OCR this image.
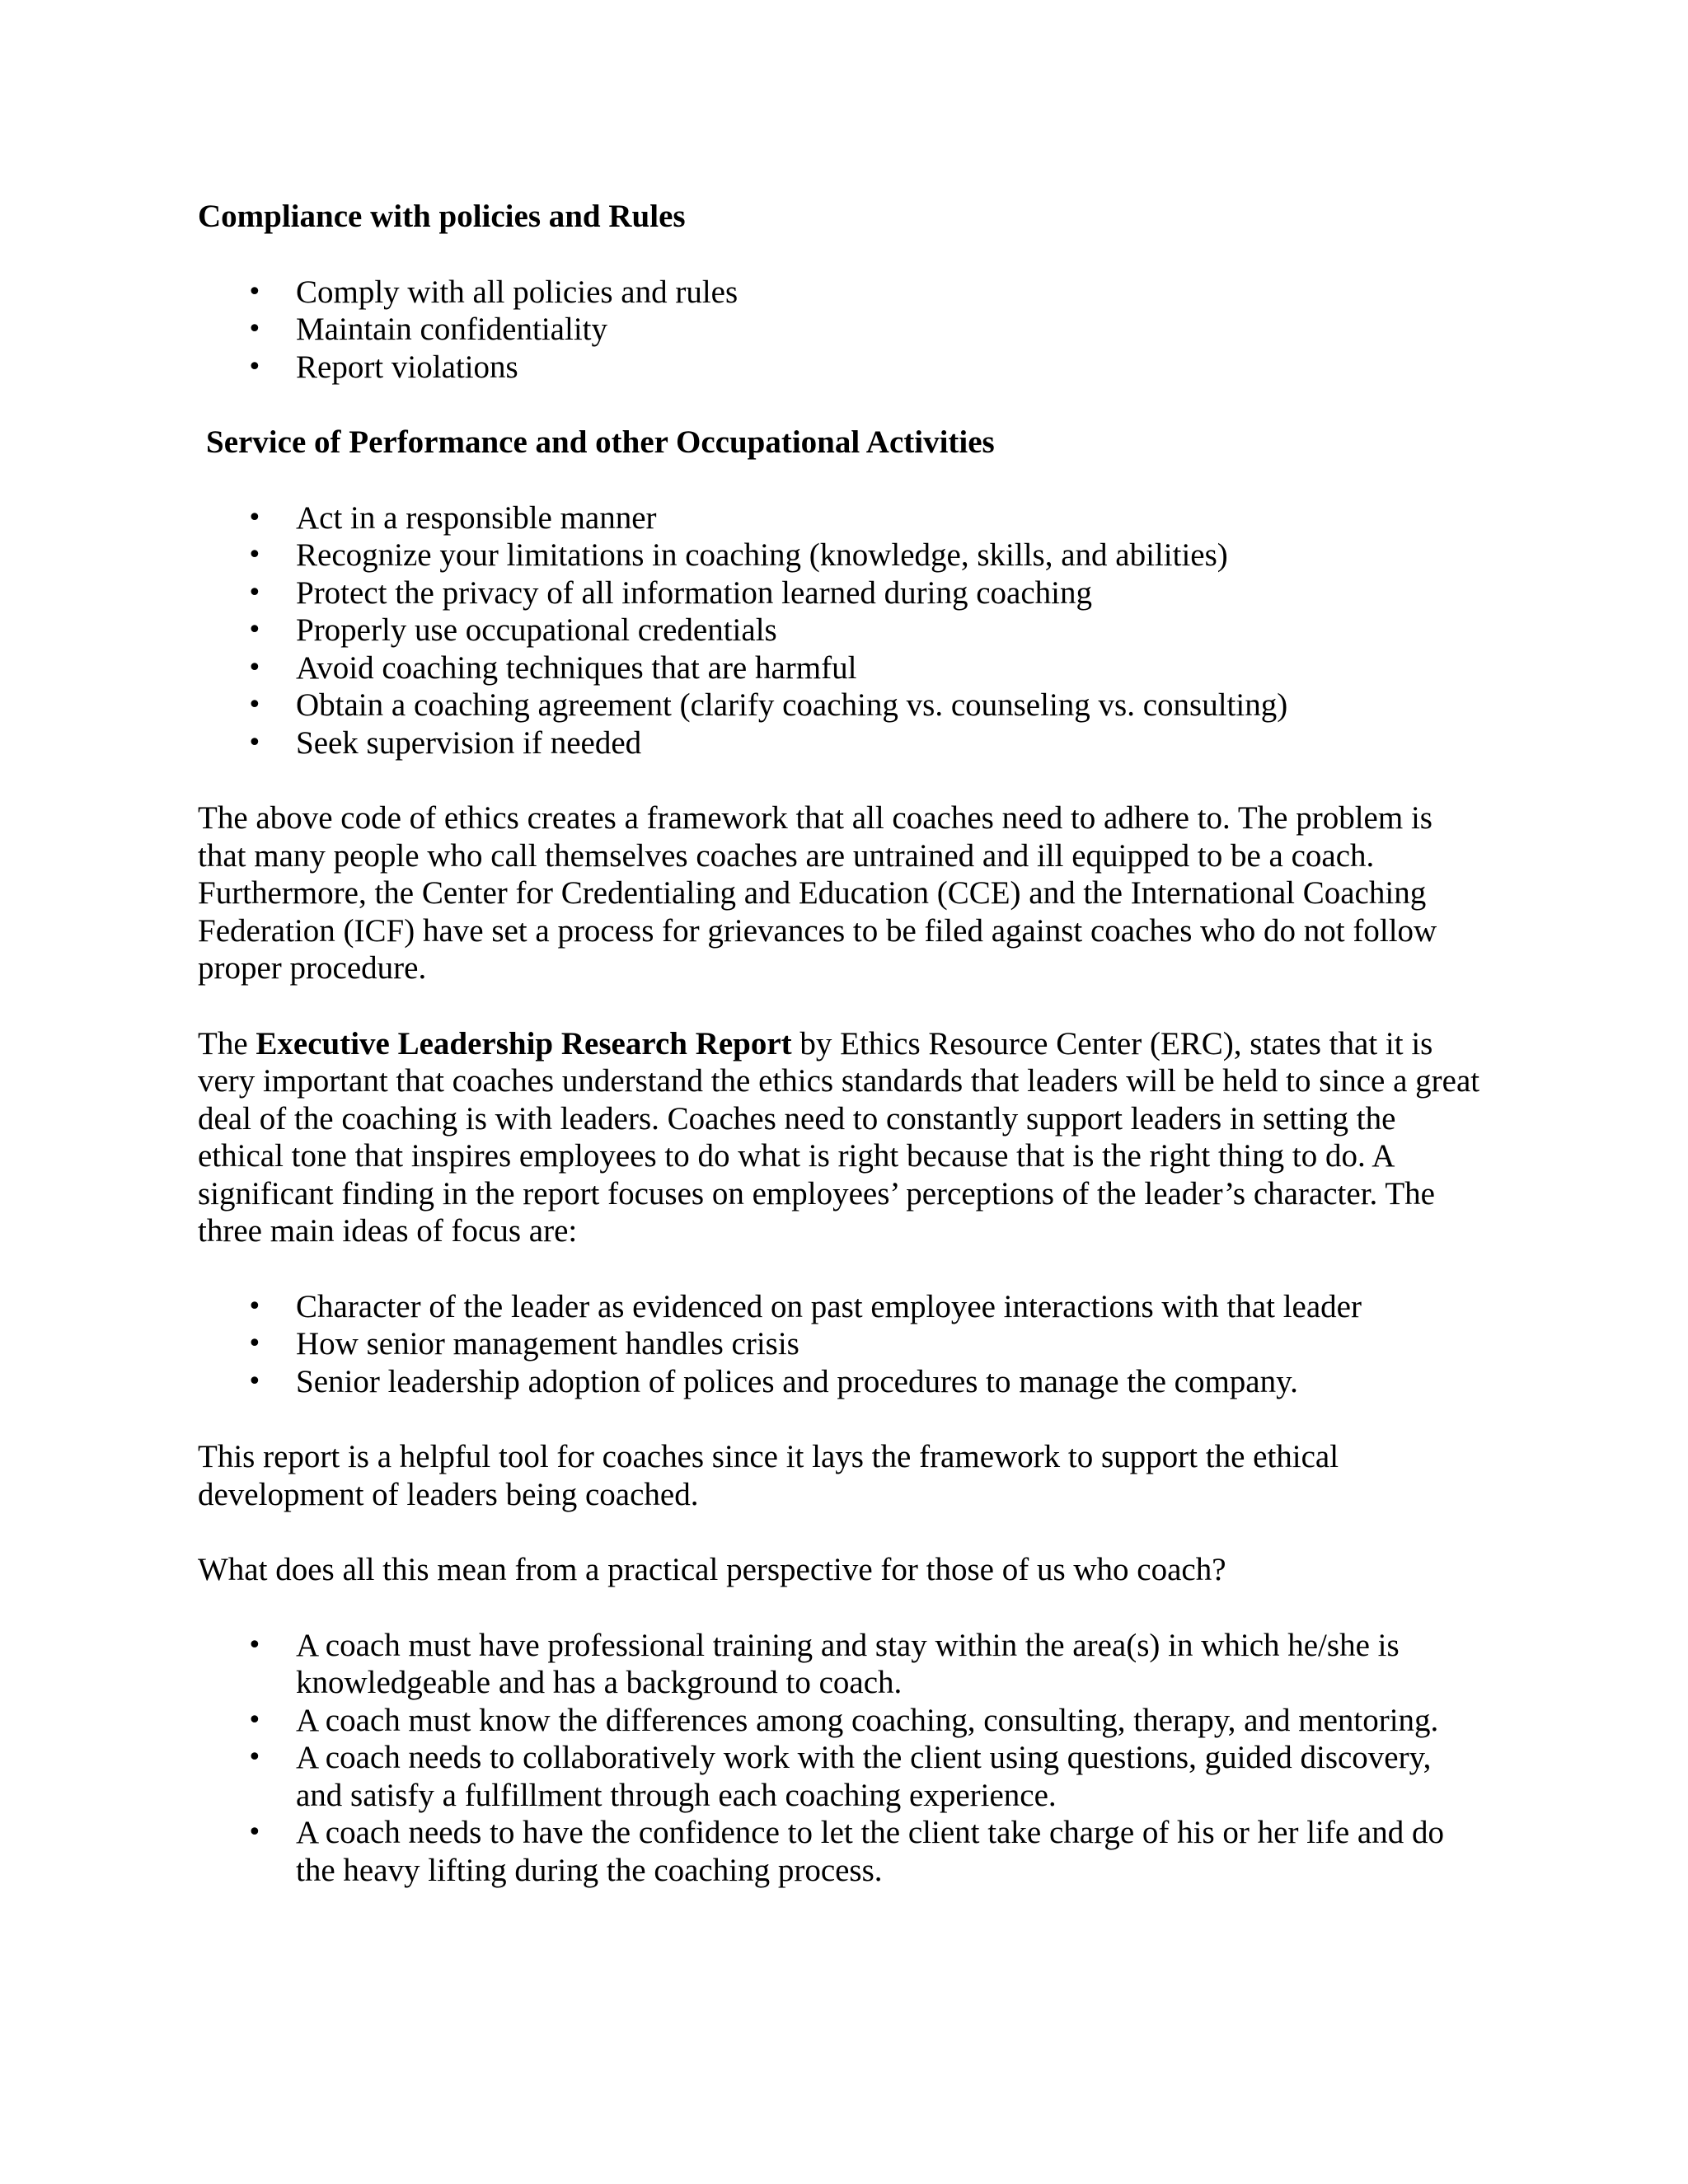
Compliance with policies and Rules

• Comply with all policies and rules
• Maintain confidentiality
• Report violations

Service of Performance and other Occupational Activities

• Act in a responsible manner
• Recognize your limitations in coaching (knowledge, skills, and abilities)
• Protect the privacy of all information learned during coaching
• Properly use occupational credentials
• Avoid coaching techniques that are harmful
• Obtain a coaching agreement (clarify coaching vs. counseling vs. consulting)
• Seek supervision if needed

The above code of ethics creates a framework that all coaches need to adhere to. The problem is that many people who call themselves coaches are untrained and ill equipped to be a coach. Furthermore, the Center for Credentialing and Education (CCE) and the International Coaching Federation (ICF) have set a process for grievances to be filed against coaches who do not follow proper procedure.

The Executive Leadership Research Report by Ethics Resource Center (ERC), states that it is very important that coaches understand the ethics standards that leaders will be held to since a great deal of the coaching is with leaders. Coaches need to constantly support leaders in setting the ethical tone that inspires employees to do what is right because that is the right thing to do. A significant finding in the report focuses on employees’ perceptions of the leader’s character. The three main ideas of focus are:

• Character of the leader as evidenced on past employee interactions with that leader
• How senior management handles crisis
• Senior leadership adoption of polices and procedures to manage the company.

This report is a helpful tool for coaches since it lays the framework to support the ethical development of leaders being coached.

What does all this mean from a practical perspective for those of us who coach?

• A coach must have professional training and stay within the area(s) in which he/she is knowledgeable and has a background to coach.
• A coach must know the differences among coaching, consulting, therapy, and mentoring.
• A coach needs to collaboratively work with the client using questions, guided discovery, and satisfy a fulfillment through each coaching experience.
• A coach needs to have the confidence to let the client take charge of his or her life and do the heavy lifting during the coaching process.
